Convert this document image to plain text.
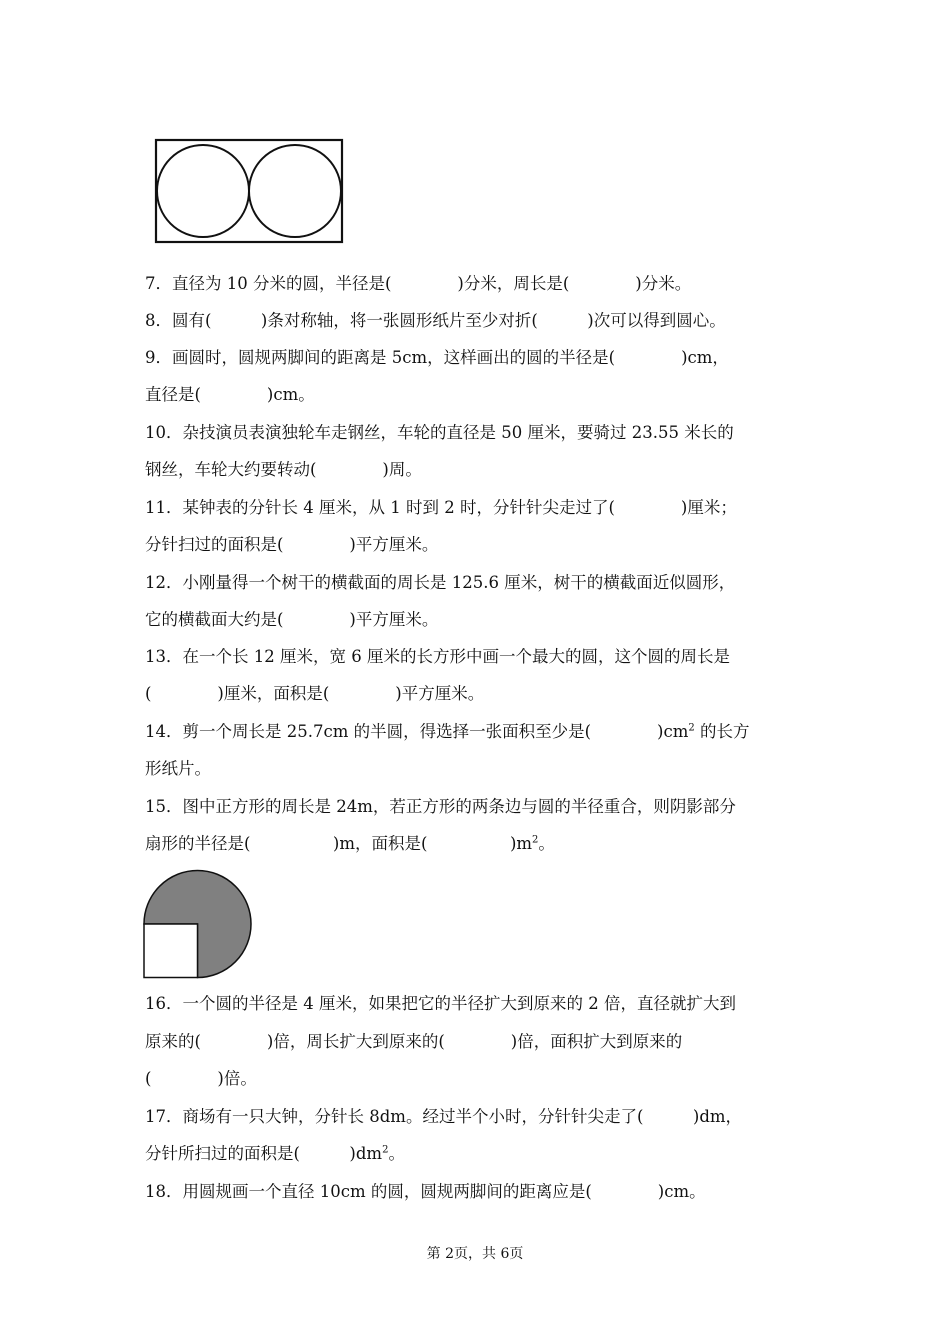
7．直径为 10 分米的圆，半径是(　　　　)分米，周长是(　　　　)分米。
8．圆有(　　　)条对称轴，将一张圆形纸片至少对折(　　　)次可以得到圆心。
9．画圆时，圆规两脚间的距离是 5cm，这样画出的圆的半径是(　　　　)cm，
直径是(　　　　)cm。
10．杂技演员表演独轮车走钢丝，车轮的直径是 50 厘米，要骑过 23.55 米长的
钢丝，车轮大约要转动(　　　　)周。
11．某钟表的分针长 4 厘米，从 1 时到 2 时，分针针尖走过了(　　　　)厘米；
分针扫过的面积是(　　　　)平方厘米。
12．小刚量得一个树干的横截面的周长是 125.6 厘米，树干的横截面近似圆形，
它的横截面大约是(　　　　)平方厘米。
13．在一个长 12 厘米，宽 6 厘米的长方形中画一个最大的圆，这个圆的周长是
(　　　　)厘米，面积是(　　　　)平方厘米。
14．剪一个周长是 25.7cm 的半圆，得选择一张面积至少是(　　　　)$cm^2$ 的长方
形纸片。
15．图中正方形的周长是 24m，若正方形的两条边与圆的半径重合，则阴影部分
扇形的半径是(　　　　　)m，面积是(　　　　　)$m^2$。
16．一个圆的半径是 4 厘米，如果把它的半径扩大到原来的 2 倍，直径就扩大到
原来的(　　　　)倍，周长扩大到原来的(　　　　)倍，面积扩大到原来的
(　　　　)倍。
17．商场有一只大钟，分针长 8dm。经过半个小时，分针针尖走了(　　　)dm，
分针所扫过的面积是(　　　)$dm^2$。
18．用圆规画一个直径 10cm 的圆，圆规两脚间的距离应是(　　　　)cm。
第 2页，共 6页
